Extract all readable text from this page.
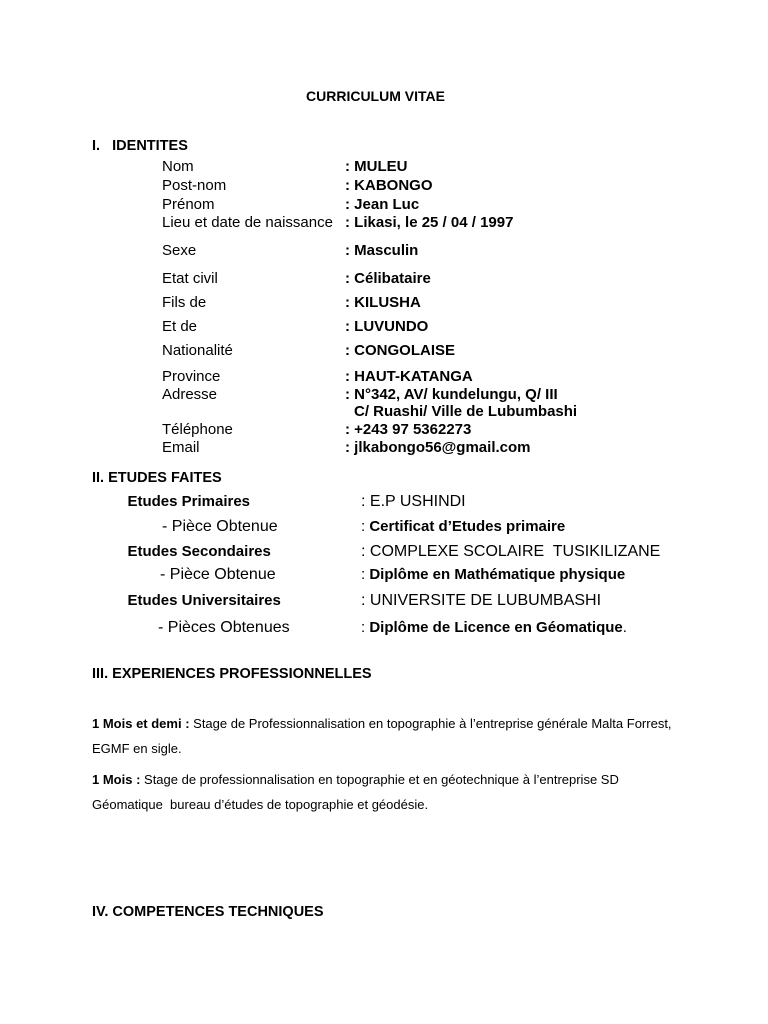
CURRICULUM VITAE
I.   IDENTITES
Nom	: MULEU
Post-nom	: KABONGO
Prénom	: Jean Luc
Lieu et date de naissance : Likasi, le 25 / 04 / 1997
Sexe	: Masculin
Etat civil	: Célibataire
Fils de	: KILUSHA
Et de	: LUVUNDO
Nationalité	: CONGOLAISE
Province	: HAUT-KATANGA
Adresse	: N°342, AV/ kundelungu, Q/ III
C/ Ruashi/ Ville de Lubumbashi
Téléphone	: +243 97 5362273
Email	: jlkabongo56@gmail.com
II. ETUDES FAITES
Etudes Primaires	: E.P USHINDI
- Pièce Obtenue	: Certificat d’Etudes primaire
Etudes Secondaires	: COMPLEXE SCOLAIRE  TUSIKILIZANE
- Pièce Obtenue	: Diplôme en Mathématique physique
Etudes Universitaires	: UNIVERSITE DE LUBUMBASHI
- Pièces Obtenues	: Diplôme de Licence en Géomatique.
III. EXPERIENCES PROFESSIONNELLES
1 Mois et demi : Stage de Professionnalisation en topographie à l’entreprise générale Malta Forrest, EGMF en sigle.
1 Mois : Stage de professionnalisation en topographie et en géotechnique à l’entreprise SD Géomatique  bureau d’études de topographie et géodésie.
IV. COMPETENCES TECHNIQUES
